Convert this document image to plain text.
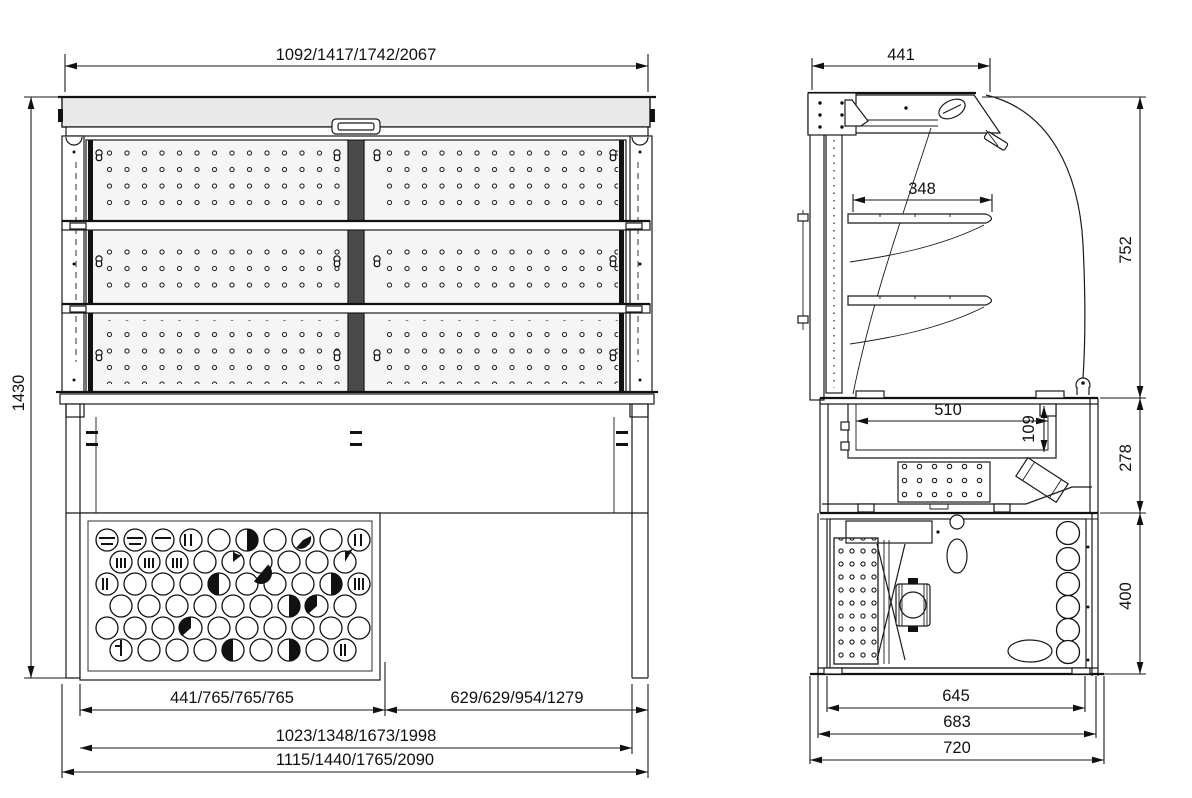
1092/1417/1742/2067
1430
441/765/765/765	629/629/954/1279
1023/1348/1673/1998
1115/1440/1765/2090
441
348
510
109
752
278
400
645
683
720
